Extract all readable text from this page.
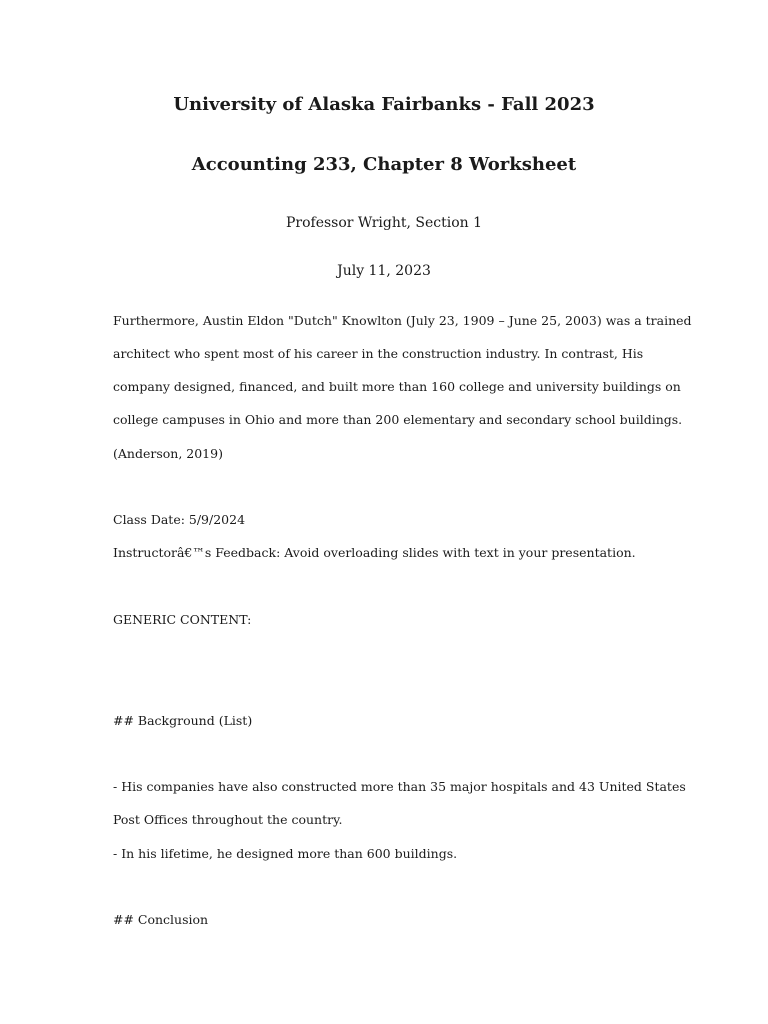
University of Alaska Fairbanks - Fall 2023
Accounting 233, Chapter 8 Worksheet
Professor Wright, Section 1
July 11, 2023
Furthermore, Austin Eldon "Dutch" Knowlton (July 23, 1909 – June 25, 2003) was a trained
architect who spent most of his career in the construction industry. In contrast, His
company designed, financed, and built more than 160 college and university buildings on
college campuses in Ohio and more than 200 elementary and secondary school buildings.
(Anderson, 2019)
Class Date: 5/9/2024
Instructorâ€™s Feedback: Avoid overloading slides with text in your presentation.
GENERIC CONTENT:
## Background (List)
- His companies have also constructed more than 35 major hospitals and 43 United States
Post Offices throughout the country.
- In his lifetime, he designed more than 600 buildings.
## Conclusion
